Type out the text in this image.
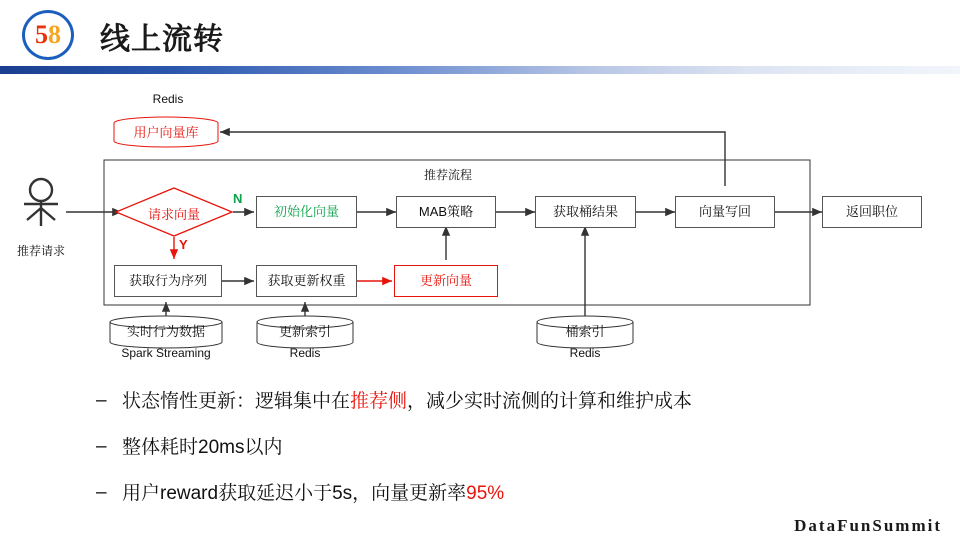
58	线上流转
Redis
用户向量库
推荐请求
请求向量
N
Y
推荐流程
初始化向量	MAB策略	获取桶结果	向量写回	返回职位
获取行为序列	获取更新权重	更新向量
实时行为数据
Spark Streaming
更新索引
Redis
桶索引
Redis
– 状态惰性更新：逻辑集中在推荐侧，减少实时流侧的计算和维护成本
– 整体耗时20ms以内
– 用户reward获取延迟小于5s，向量更新率95%
DataFunSummit
